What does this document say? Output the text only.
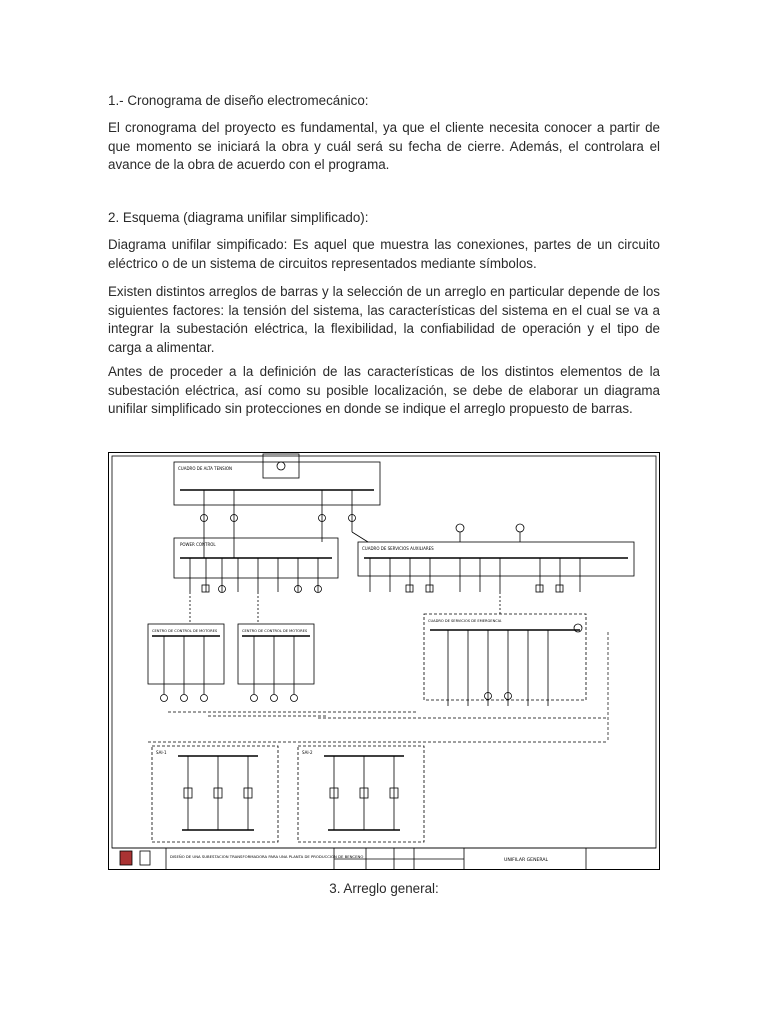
1.- Cronograma de diseño electromecánico:

El cronograma del proyecto es fundamental, ya que el cliente necesita conocer a partir de que momento se iniciará la obra y cuál será su fecha de cierre. Además, el controlara el avance de la obra de acuerdo con el programa.

2. Esquema (diagrama unifilar simplificado):

Diagrama unifilar simpificado: Es aquel que muestra las conexiones, partes de un circuito eléctrico o de un sistema de circuitos representados mediante símbolos.

Existen distintos arreglos de barras y la selección de un arreglo en particular depende de los siguientes factores: la tensión del sistema, las características del sistema en el cual se va a integrar la subestación eléctrica, la flexibilidad, la confiabilidad de operación y el tipo de carga a alimentar.

Antes de proceder a la definición de las características de los distintos elementos de la subestación eléctrica, así como su posible localización, se debe de elaborar un diagrama unifilar simplificado sin protecciones en donde se indique el arreglo propuesto de barras.

CUADRO DE ALTA TENSION
POWER CONTROL
CUADRO DE SERVICIOS AUXILIARES
CENTRO DE CONTROL DE MOTORES	CENTRO DE CONTROL DE MOTORES
CUADRO DE SERVICIOS DE EMERGENCIA
SAI-1	SAI-2
DISEÑO DE UNA SUBESTACION TRANSFORMADORA PARA UNA PLANTA DE PRODUCCION DE BENCENO
UNIFILAR GENERAL
3. Arreglo general:
